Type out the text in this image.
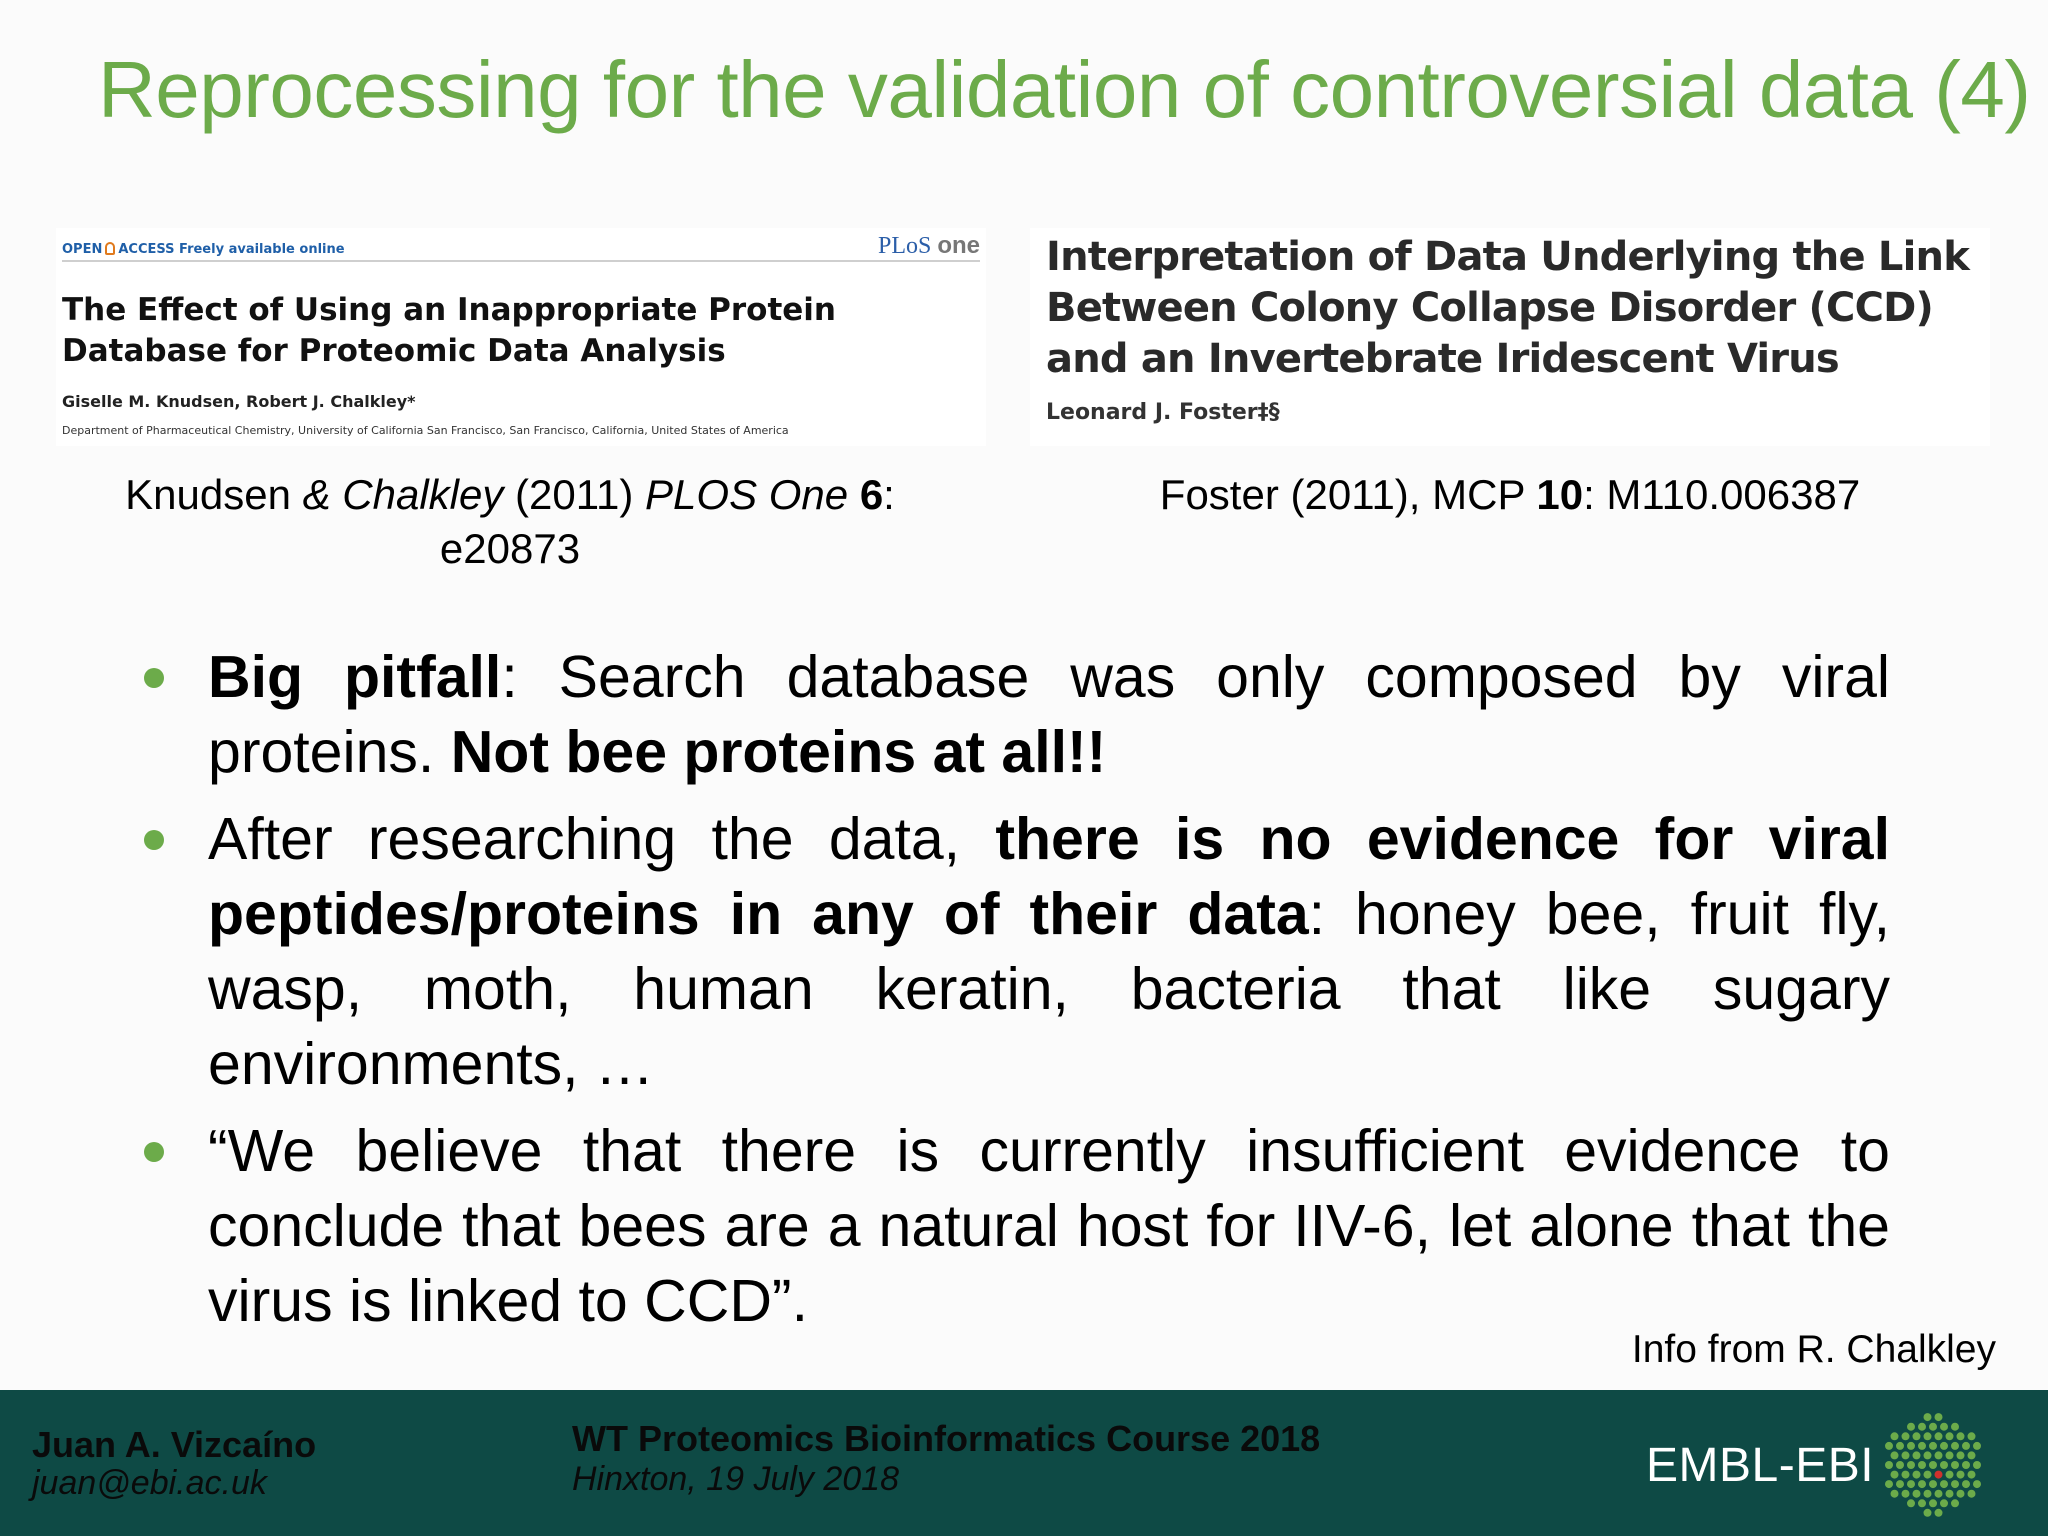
Reprocessing for the validation of controversial data (4)
OPEN ACCESS Freely available online	PLoS one
The Effect of Using an Inappropriate Protein Database for Proteomic Data Analysis
Giselle M. Knudsen, Robert J. Chalkley*
Department of Pharmaceutical Chemistry, University of California San Francisco, San Francisco, California, United States of America
Interpretation of Data Underlying the Link Between Colony Collapse Disorder (CCD) and an Invertebrate Iridescent Virus
Leonard J. Foster‡§
Knudsen & Chalkley (2011) PLOS One 6: e20873
Foster (2011), MCP 10: M110.006387
Big pitfall: Search database was only composed by viral proteins. Not bee proteins at all!!
After researching the data, there is no evidence for viral peptides/proteins in any of their data: honey bee, fruit fly, wasp, moth, human keratin, bacteria that like sugary environments, …
“We believe that there is currently insufficient evidence to conclude that bees are a natural host for IIV-6, let alone that the virus is linked to CCD”.
Info from R. Chalkley
Juan A. Vizcaíno
juan@ebi.ac.uk
WT Proteomics Bioinformatics Course 2018
Hinxton, 19 July 2018	EMBL-EBI
